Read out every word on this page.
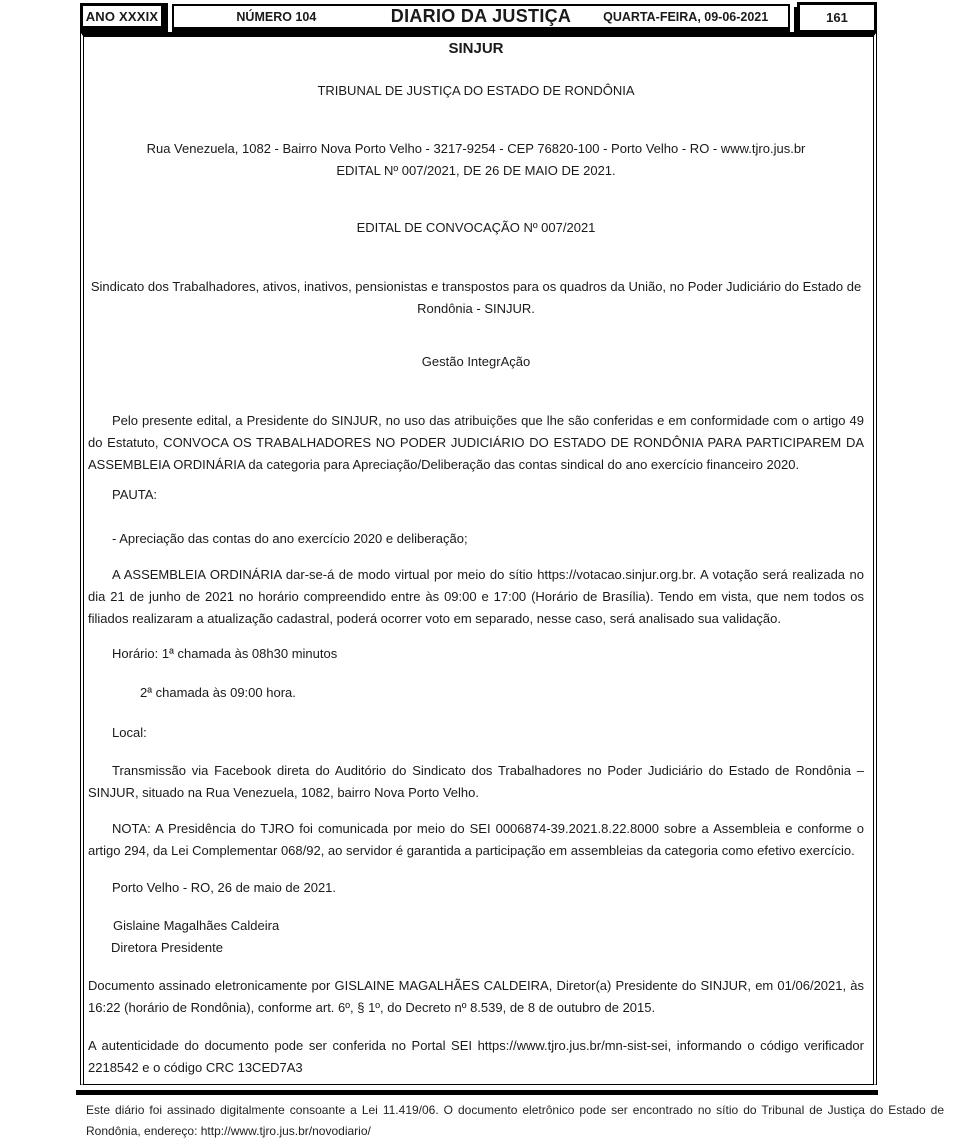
ANO XXXIX	NÚMERO 104	DIARIO DA JUSTIÇA	QUARTA-FEIRA, 09-06-2021	161
SINJUR
TRIBUNAL DE JUSTIÇA DO ESTADO DE RONDÔNIA
Rua Venezuela, 1082 - Bairro Nova Porto Velho - 3217-9254 - CEP 76820-100 - Porto Velho - RO - www.tjro.jus.br
EDITAL Nº 007/2021, DE 26 DE MAIO DE 2021.
EDITAL DE CONVOCAÇÃO Nº 007/2021
Sindicato dos Trabalhadores, ativos, inativos, pensionistas e transpostos para os quadros da União, no Poder Judiciário do Estado de Rondônia - SINJUR.
Gestão IntegrAção
Pelo presente edital, a Presidente do SINJUR, no uso das atribuições que lhe são conferidas e em conformidade com o artigo 49 do Estatuto, CONVOCA OS TRABALHADORES NO PODER JUDICIÁRIO DO ESTADO DE RONDÔNIA PARA PARTICIPAREM DA ASSEMBLEIA ORDINÁRIA da categoria para Apreciação/Deliberação das contas sindical do ano exercício financeiro 2020.
PAUTA:
- Apreciação das contas do ano exercício 2020 e deliberação;
A ASSEMBLEIA ORDINÁRIA dar-se-á de modo virtual por meio do sítio https://votacao.sinjur.org.br. A votação será realizada no dia 21 de junho de 2021 no horário compreendido entre às 09:00 e 17:00 (Horário de Brasília). Tendo em vista, que nem todos os filiados realizaram a atualização cadastral, poderá ocorrer voto em separado, nesse caso, será analisado sua validação.
Horário: 1ª chamada às 08h30 minutos
2ª chamada às 09:00 hora.
Local:
Transmissão via Facebook direta do Auditório do Sindicato dos Trabalhadores no Poder Judiciário do Estado de Rondônia –SINJUR, situado na Rua Venezuela, 1082, bairro Nova Porto Velho.
NOTA: A Presidência do TJRO foi comunicada por meio do SEI 0006874-39.2021.8.22.8000 sobre a Assembleia e conforme o artigo 294, da Lei Complementar 068/92, ao servidor é garantida a participação em assembleias da categoria como efetivo exercício.
Porto Velho - RO, 26 de maio de 2021.
Gislaine Magalhães Caldeira
Diretora Presidente
Documento assinado eletronicamente por GISLAINE MAGALHÃES CALDEIRA, Diretor(a) Presidente do SINJUR, em 01/06/2021, às 16:22 (horário de Rondônia), conforme art. 6º, § 1º, do Decreto nº 8.539, de 8 de outubro de 2015.
A autenticidade do documento pode ser conferida no Portal SEI https://www.tjro.jus.br/mn-sist-sei, informando o código verificador 2218542 e o código CRC 13CED7A3
Este diário foi assinado digitalmente consoante a Lei 11.419/06. O documento eletrônico pode ser encontrado no sítio do Tribunal de Justiça do Estado de Rondônia, endereço: http://www.tjro.jus.br/novodiario/
